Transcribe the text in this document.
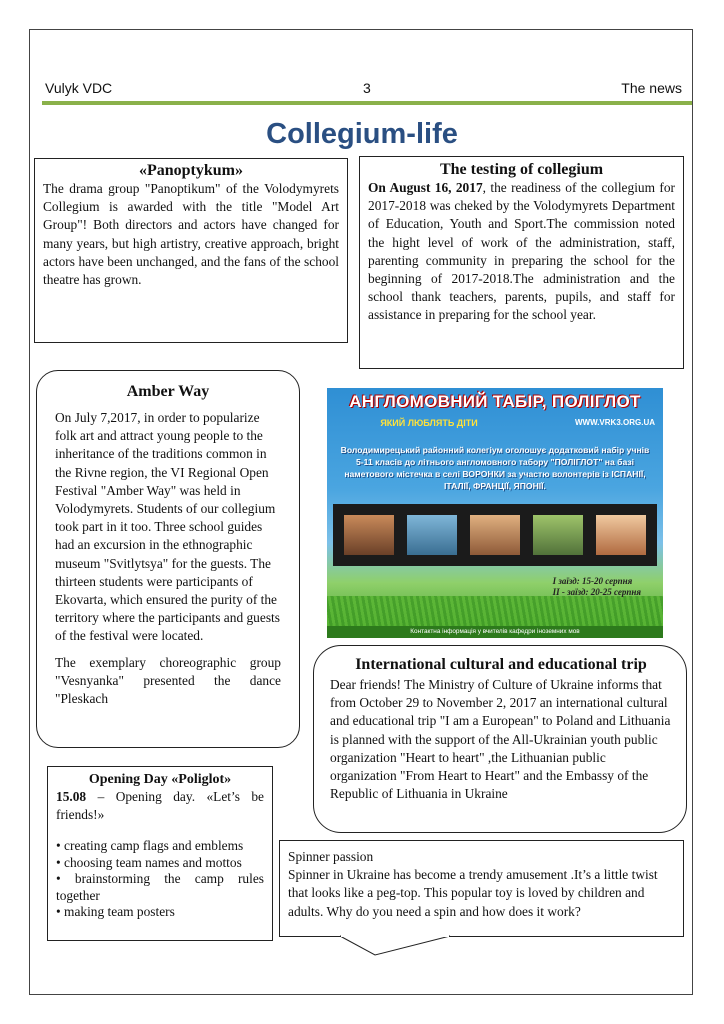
Vulyk VDC	3	The news
Collegium-life
«Panoptykum»
The drama group "Panoptikum" of the Volodymyrets Collegium is awarded with the title "Model Art Group"! Both directors and actors have changed for many years, but high artistry, creative approach, bright actors have been unchanged, and the fans of the school theatre has grown.
The testing of collegium
On August 16, 2017, the readiness of the collegium for 2017-2018 was cheked by the Volodymyrets Department of Education, Youth and Sport.The commission noted the hight level of work of the administration, staff, parenting community in preparing the school for the beginning of 2017-2018.The administration and the school thank teachers, parents, pupils, and staff for assistance in preparing for the school year.
Amber Way

On July 7,2017, in order to popularize folk art and attract young people to the inheritance of the traditions common in the Rivne region, the VI Regional Open Festival "Amber Way" was held in Volodymyrets. Students of our collegium took part in it too. Three school guides had an excursion in the ethnographic museum "Svitlytsya" for the guests. The thirteen students were participants of Ekovarta, which ensured the purity of the territory where the participants and guests of the festival were located.

The exemplary choreographic group "Vesnyanka" presented the dance "Pleskach

АНГЛОМОВНИЙ ТАБІР, ПОЛІГЛОТ
ЯКИЙ ЛЮБЛЯТЬ ДІТИ	WWW.VRK3.ORG.UA
Володимирецький районний колегіум оголошує додатковий набір учнів 5-11 класів до літнього англомовного табору "ПОЛІГЛОТ" на базі наметового містечка в селі ВОРОНКИ за участю волонтерів із ІСПАНІЇ, ІТАЛІЇ, ФРАНЦІЇ, ЯПОНІЇ.
I заїзд: 15-20 серпня
II - заїзд: 20-25 серпня
Контактна інформація у вчителів кафедри іноземних мов
International cultural and educational trip
Dear friends! The Ministry of Culture of Ukraine informs that from October 29 to November 2, 2017 an international cultural and educational trip "I am a European" to Poland and Lithuania is planned with the support of the All-Ukrainian youth public organization "Heart to heart" ,the Lithuanian public organization "From Heart to Heart" and the Embassy of the Republic of Lithuania in Ukraine
Opening Day «Poliglot»
15.08 – Opening day. «Let’s be friends!»
• creating camp flags and emblems
• choosing team names and mottos
• brainstorming the camp rules together
• making team posters
Spinner passion
Spinner in Ukraine has become a trendy amusement .It’s a little twist that looks like a peg-top. This popular toy is loved by children and adults. Why do you need a spin and how does it work?
